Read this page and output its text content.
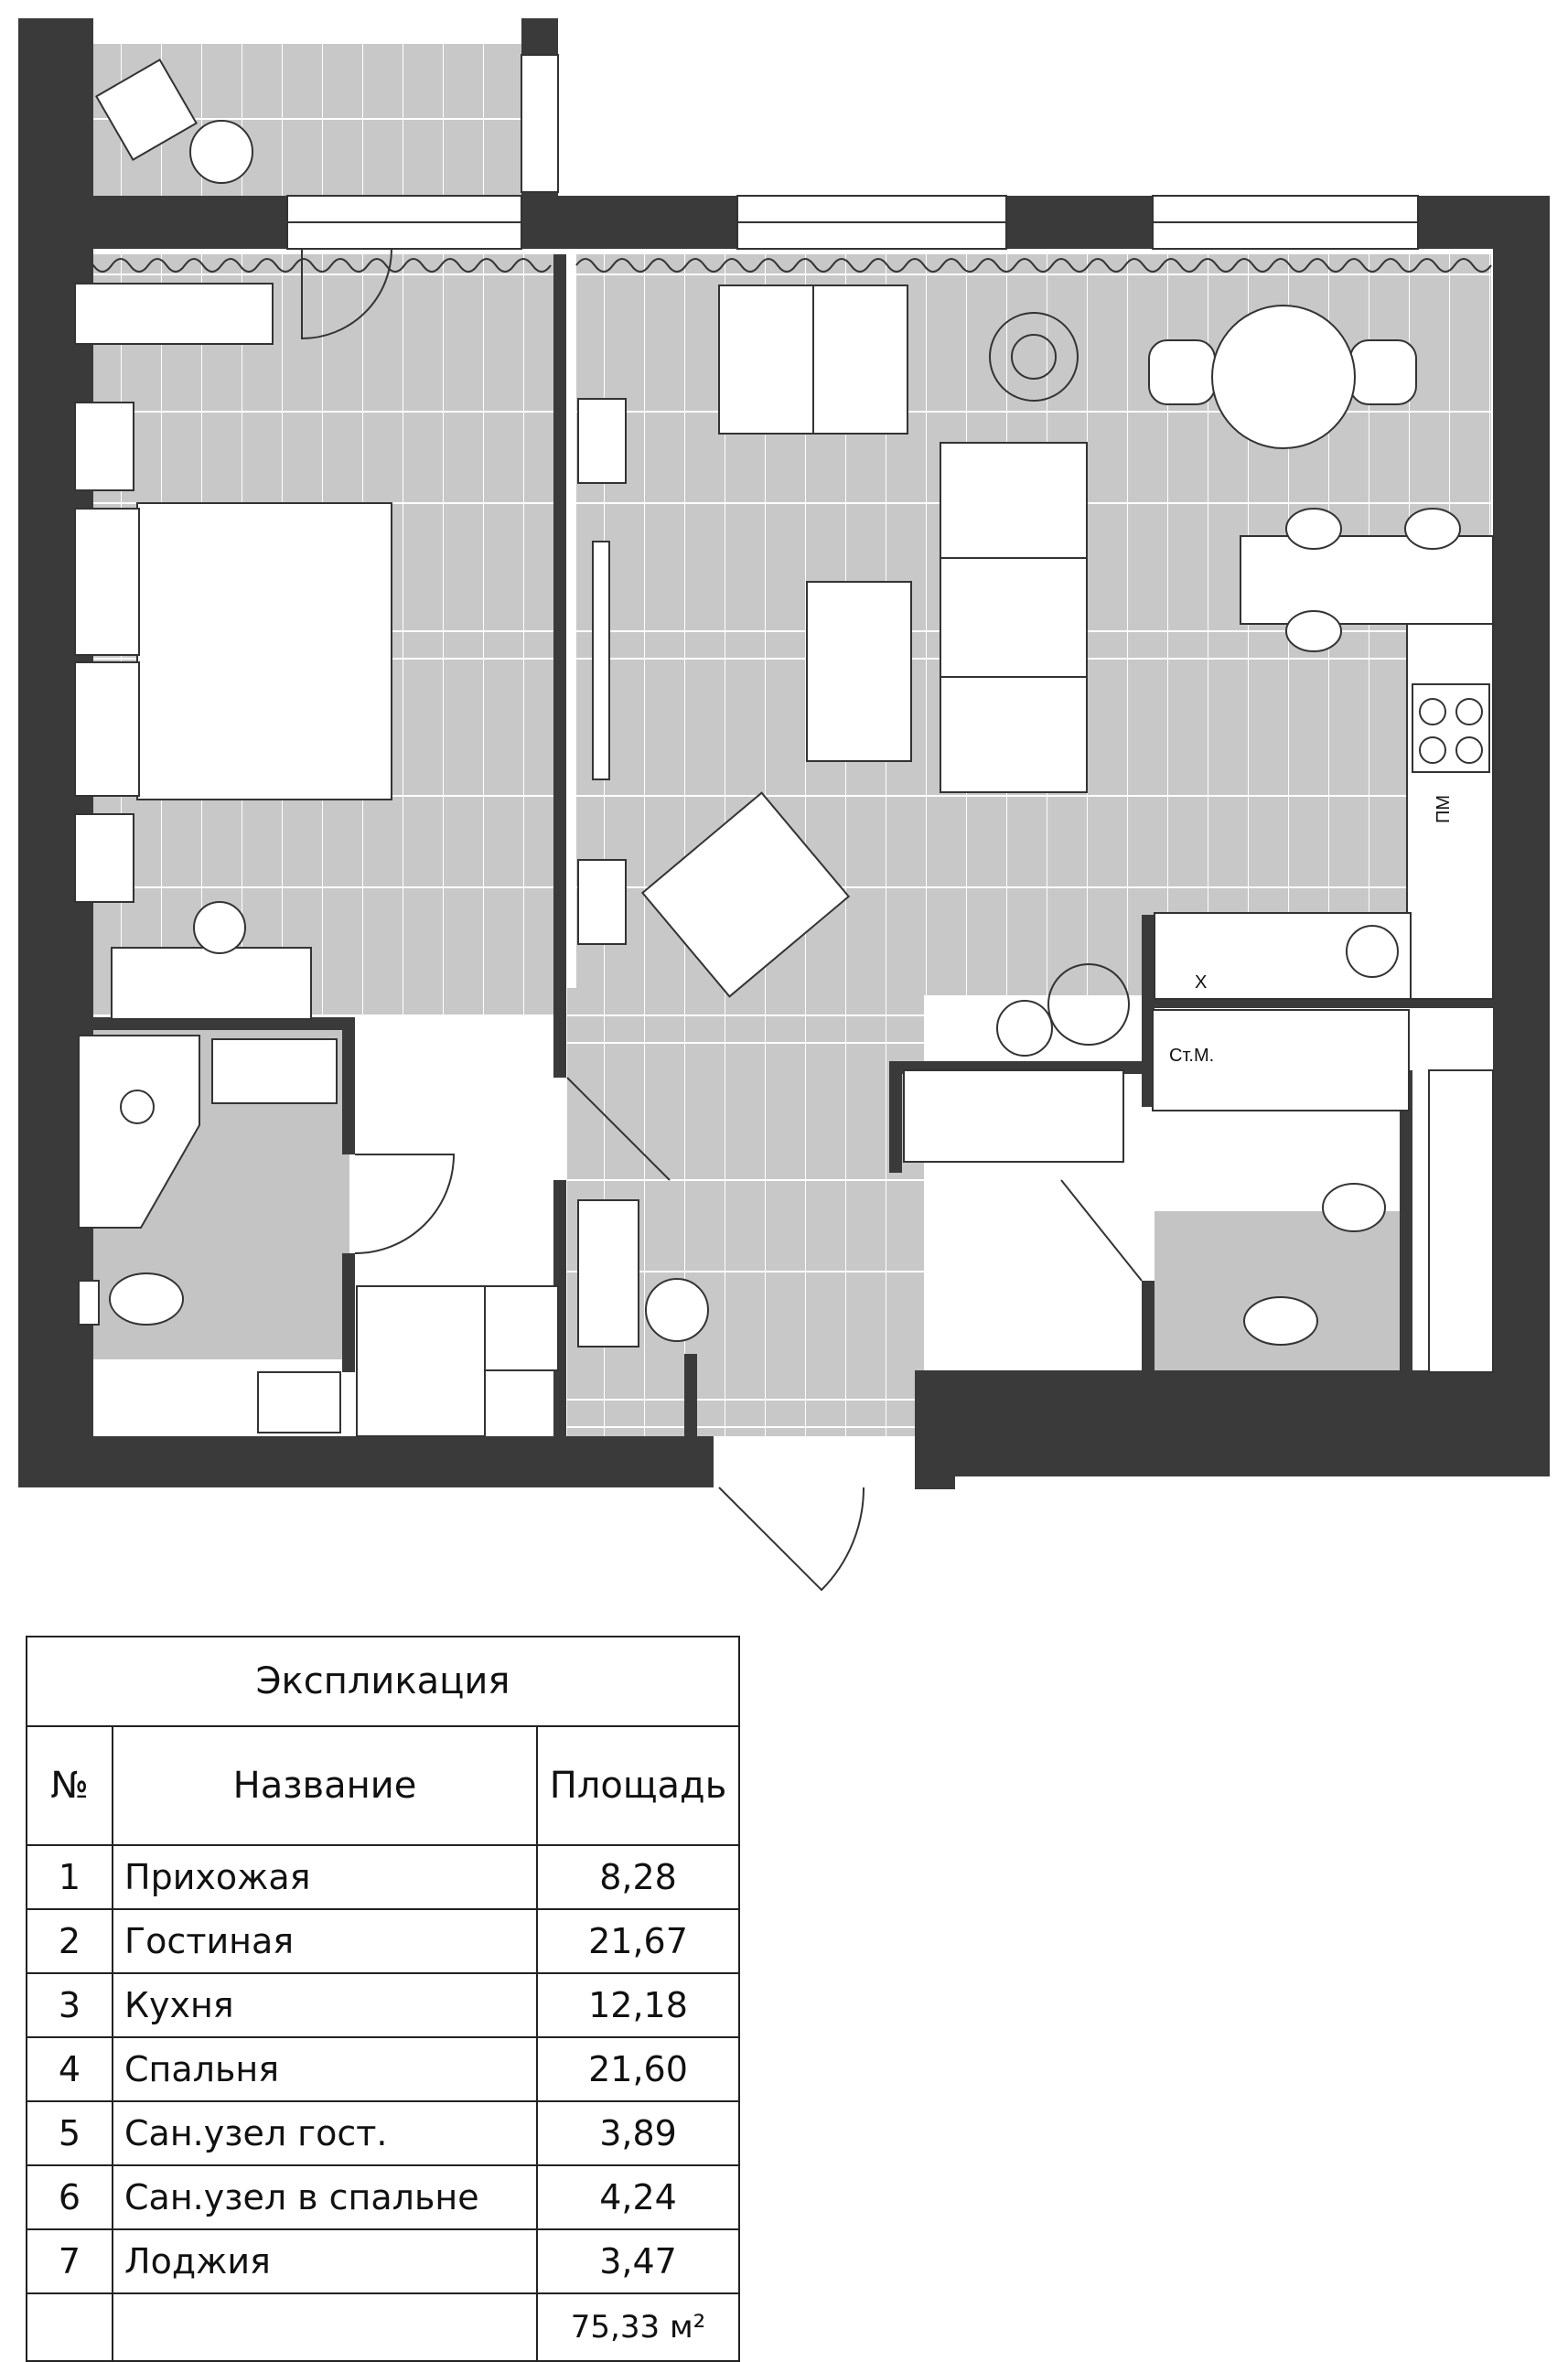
Х
Ст.М.
ПМ
Экспликация		
№	Название	Площадь
1	Прихожая	8,28
2	Гостиная	21,67
3	Кухня	12,18
4	Спальня	21,60
5	Сан.узел гост.	3,89
6	Сан.узел в спальне	4,24
7	Лоджия	3,47
		75,33 м²
